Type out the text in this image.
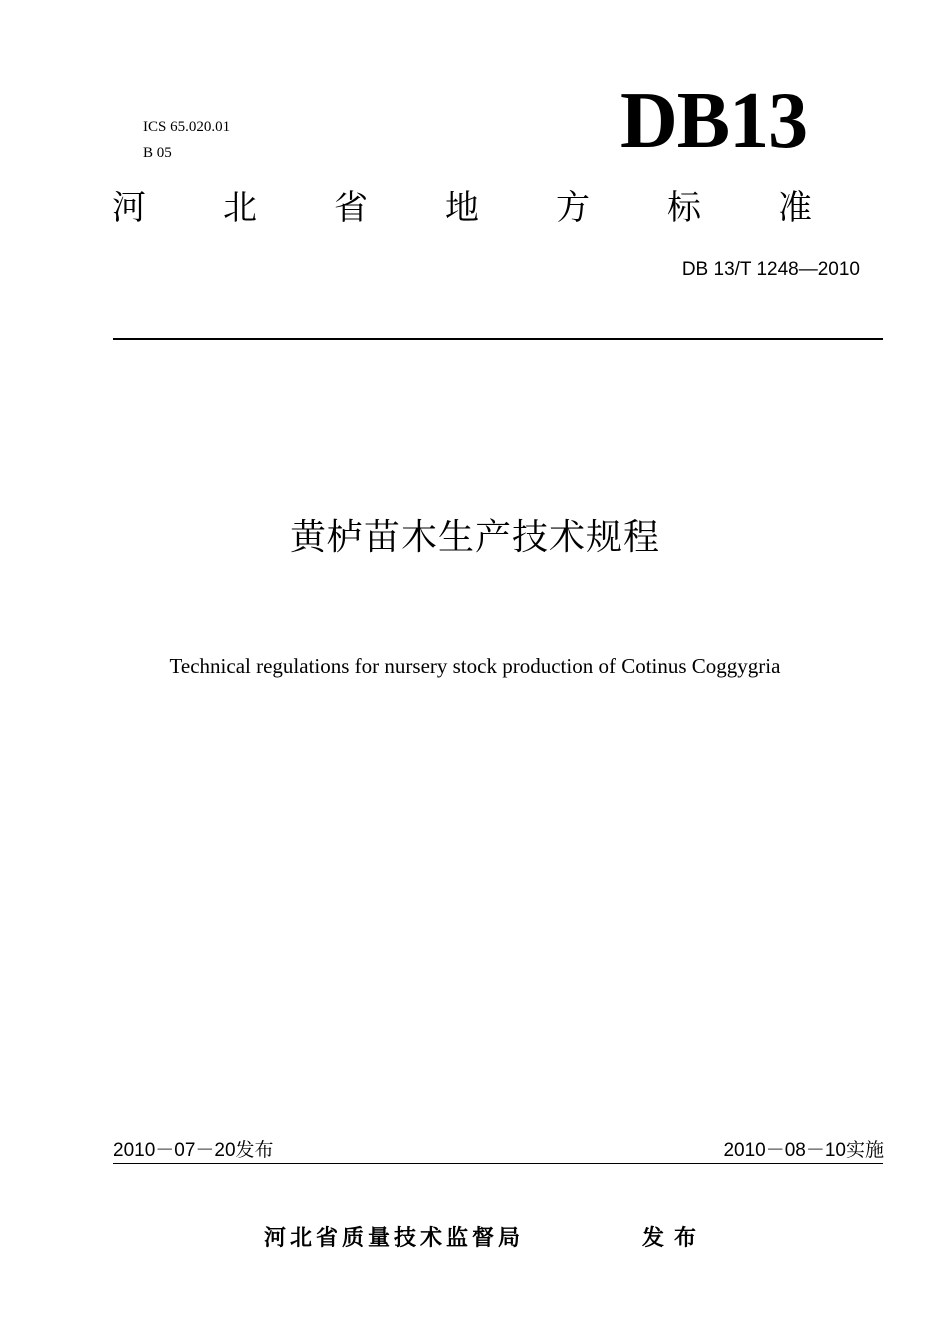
ICS 65.020.01
B 05	DB13
河 北 省 地 方 标 准
DB 13/T 1248—2010
黄栌苗木生产技术规程
Technical regulations for nursery stock production of Cotinus Coggygria
2010－07－20发布	2010－08－10实施
河北省质量技术监督局	发布
